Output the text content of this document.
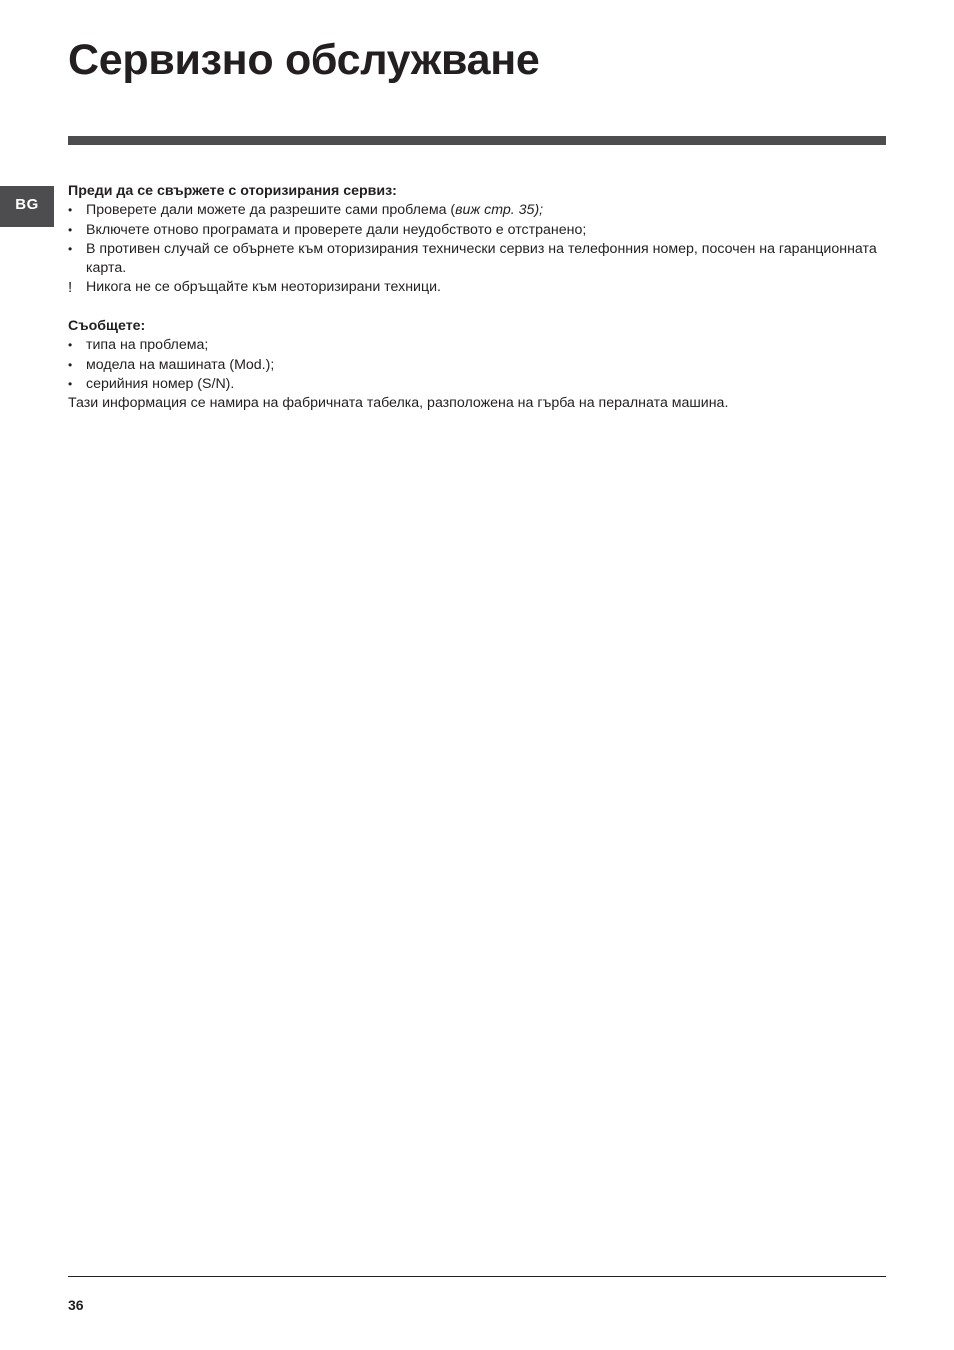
Сервизно обслужване
BG

Преди да се свържете с оторизирания сервиз:

• Проверете дали можете да разрешите сами проблема (виж стр. 35);

• Включете отново програмата и проверете дали неудобството е отстранено;

• В противен случай се обърнете към оторизирания технически сервиз на телефонния номер, посочен на гаранционната карта.

! Никога не се обръщайте към неоторизирани техници.

Съобщете:

• типа на проблема;

• модела на машината (Mod.);

• серийния номер (S/N).

Тази информация се намира на фабричната табелка, разположена на гърба на пералната машина.

36
